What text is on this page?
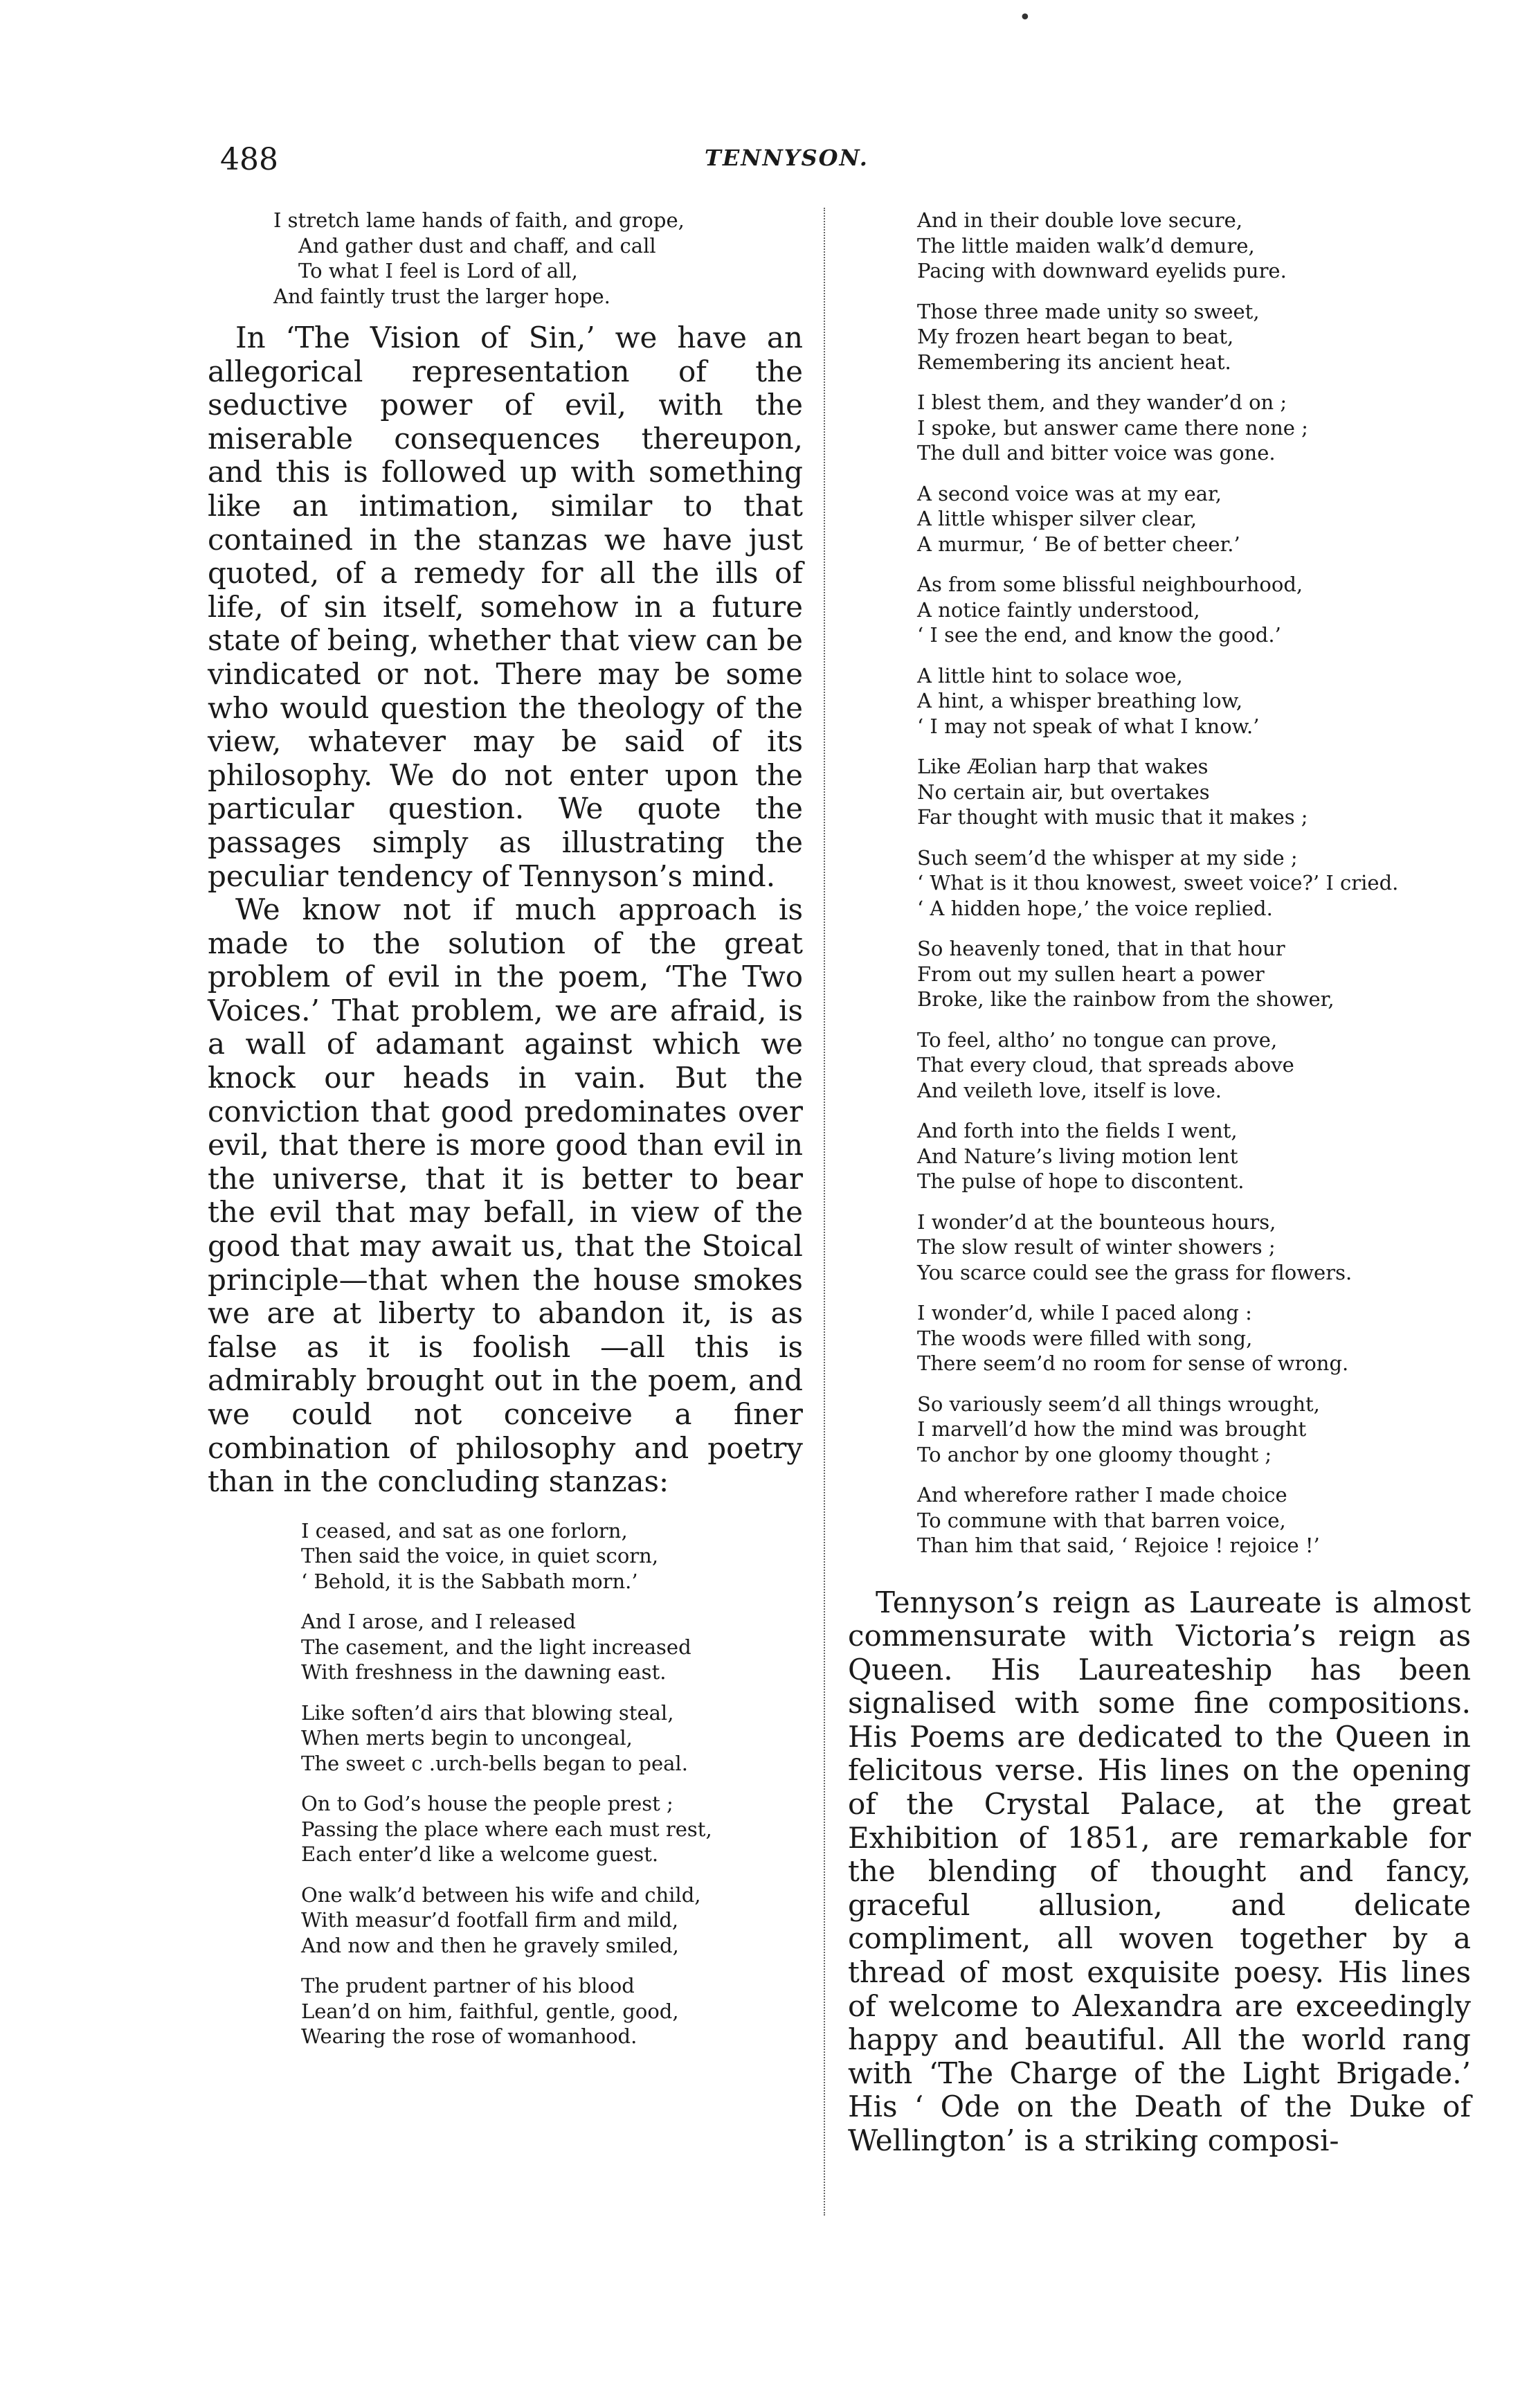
•
488	TENNYSON.
I stretch lame hands of faith, and grope,
And gather dust and chaff, and call
To what I feel is Lord of all,
And faintly trust the larger hope.

In ‘The Vision of Sin,’ we have an allegorical representation of the seductive power of evil, with the miserable consequences thereupon, and this is followed up with something like an intimation, similar to that contained in the stanzas we have just quoted, of a remedy for all the ills of life, of sin itself, somehow in a future state of being, whether that view can be vindicated or not. There may be some who would question the theology of the view, whatever may be said of its philosophy. We do not enter upon the particular question. We quote the passages simply as illustrating the peculiar tendency of Tennyson’s mind.

We know not if much approach is made to the solution of the great problem of evil in the poem, ‘The Two Voices.’ That problem, we are afraid, is a wall of adamant against which we knock our heads in vain. But the conviction that good predominates over evil, that there is more good than evil in the universe, that it is better to bear the evil that may befall, in view of the good that may await us, that the Stoical principle—that when the house smokes we are at liberty to abandon it, is as false as it is foolish —all this is admirably brought out in the poem, and we could not conceive a finer combination of philosophy and poetry than in the concluding stanzas:

I ceased, and sat as one forlorn,
Then said the voice, in quiet scorn,
‘ Behold, it is the Sabbath morn.’
And I arose, and I released
The casement, and the light increased
With freshness in the dawning east.
Like soften’d airs that blowing steal,
When merts begin to uncongeal,
The sweet c .urch-bells began to peal.
On to God’s house the people prest ;
Passing the place where each must rest,
Each enter’d like a welcome guest.
One walk’d between his wife and child,
With measur’d footfall firm and mild,
And now and then he gravely smiled,
The prudent partner of his blood
Lean’d on him, faithful, gentle, good,
Wearing the rose of womanhood.
And in their double love secure,
The little maiden walk’d demure,
Pacing with downward eyelids pure.
Those three made unity so sweet,
My frozen heart began to beat,
Remembering its ancient heat.
I blest them, and they wander’d on ;
I spoke, but answer came there none ;
The dull and bitter voice was gone.
A second voice was at my ear,
A little whisper silver clear,
A murmur, ‘ Be of better cheer.’
As from some blissful neighbourhood,
A notice faintly understood,
‘ I see the end, and know the good.’
A little hint to solace woe,
A hint, a whisper breathing low,
‘ I may not speak of what I know.’
Like Æolian harp that wakes
No certain air, but overtakes
Far thought with music that it makes ;
Such seem’d the whisper at my side ;
‘ What is it thou knowest, sweet voice?’ I cried.
‘ A hidden hope,’ the voice replied.
So heavenly toned, that in that hour
From out my sullen heart a power
Broke, like the rainbow from the shower,
To feel, altho’ no tongue can prove,
That every cloud, that spreads above
And veileth love, itself is love.
And forth into the fields I went,
And Nature’s living motion lent
The pulse of hope to discontent.
I wonder’d at the bounteous hours,
The slow result of winter showers ;
You scarce could see the grass for flowers.
I wonder’d, while I paced along :
The woods were filled with song,
There seem’d no room for sense of wrong.
So variously seem’d all things wrought,
I marvell’d how the mind was brought
To anchor by one gloomy thought ;
And wherefore rather I made choice
To commune with that barren voice,
Than him that said, ‘ Rejoice ! rejoice !’

Tennyson’s reign as Laureate is almost commensurate with Victoria’s reign as Queen. His Laureateship has been signalised with some fine compositions. His Poems are dedicated to the Queen in felicitous verse. His lines on the opening of the Crystal Palace, at the great Exhibition of 1851, are remarkable for the blending of thought and fancy, graceful allusion, and delicate compliment, all woven together by a thread of most exquisite poesy. His lines of welcome to Alexandra are exceedingly happy and beautiful. All the world rang with ‘The Charge of the Light Brigade.’ His ‘ Ode on the Death of the Duke of Wellington’ is a striking composi-
